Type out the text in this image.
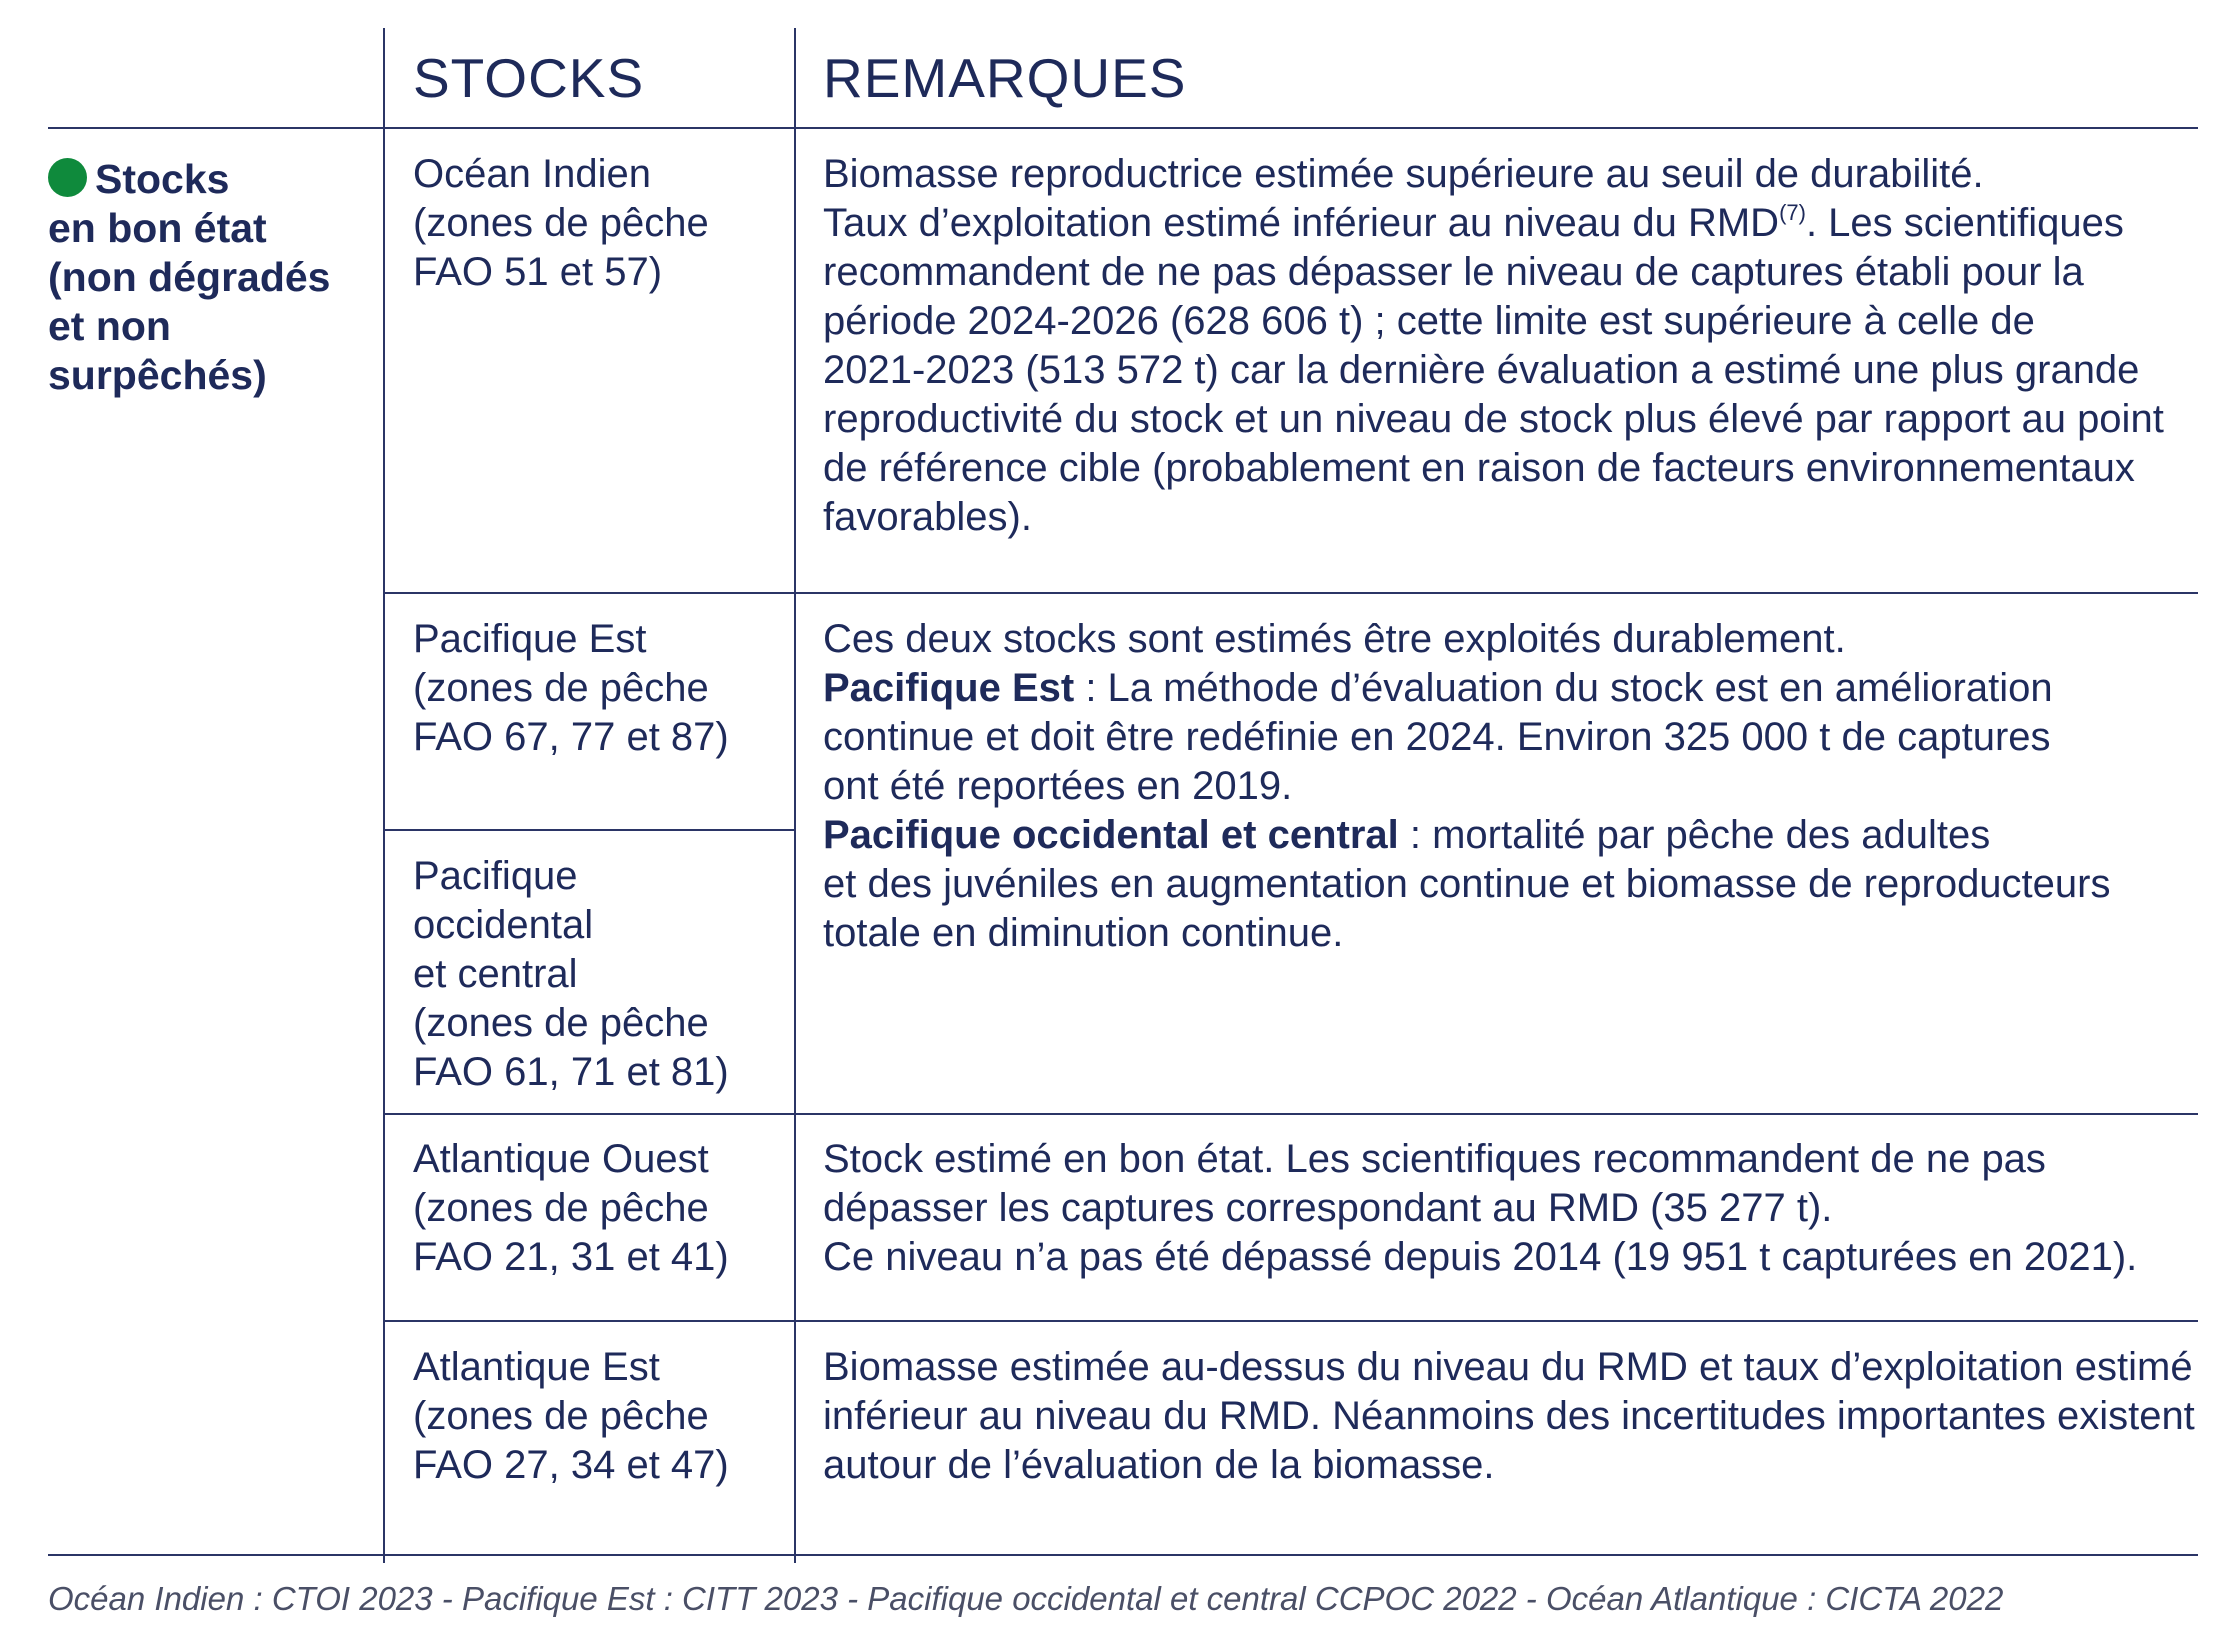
STOCKS	REMARQUES
Stocks
en bon état
(non dégradés
et non
surpêchés)
Océan Indien
(zones de pêche
FAO 51 et 57)
Pacifique Est
(zones de pêche
FAO 67, 77 et 87)
Pacifique
occidental
et central
(zones de pêche
FAO 61, 71 et 81)
Atlantique Ouest
(zones de pêche
FAO 21, 31 et 41)
Atlantique Est
(zones de pêche
FAO 27, 34 et 47)
Biomasse reproductrice estimée supérieure au seuil de durabilité.
Taux d’exploitation estimé inférieur au niveau du RMD$^{(7)}$. Les scientifiques
recommandent de ne pas dépasser le niveau de captures établi pour la
période 2024-2026 (628 606 t) ; cette limite est supérieure à celle de
2021-2023 (513 572 t) car la dernière évaluation a estimé une plus grande
reproductivité du stock et un niveau de stock plus élevé par rapport au point
de référence cible (probablement en raison de facteurs environnementaux
favorables).
Ces deux stocks sont estimés être exploités durablement.
Pacifique Est : La méthode d’évaluation du stock est en amélioration
continue et doit être redéfinie en 2024. Environ 325 000 t de captures
ont été reportées en 2019.
Pacifique occidental et central : mortalité par pêche des adultes
et des juvéniles en augmentation continue et biomasse de reproducteurs
totale en diminution continue.
Stock estimé en bon état. Les scientifiques recommandent de ne pas
dépasser les captures correspondant au RMD (35 277 t).
Ce niveau n’a pas été dépassé depuis 2014 (19 951 t capturées en 2021).
Biomasse estimée au-dessus du niveau du RMD et taux d’exploitation estimé
inférieur au niveau du RMD. Néanmoins des incertitudes importantes existent
autour de l’évaluation de la biomasse.
Océan Indien : CTOI 2023 - Pacifique Est : CITT 2023 - Pacifique occidental et central CCPOC 2022 - Océan Atlantique : CICTA 2022
